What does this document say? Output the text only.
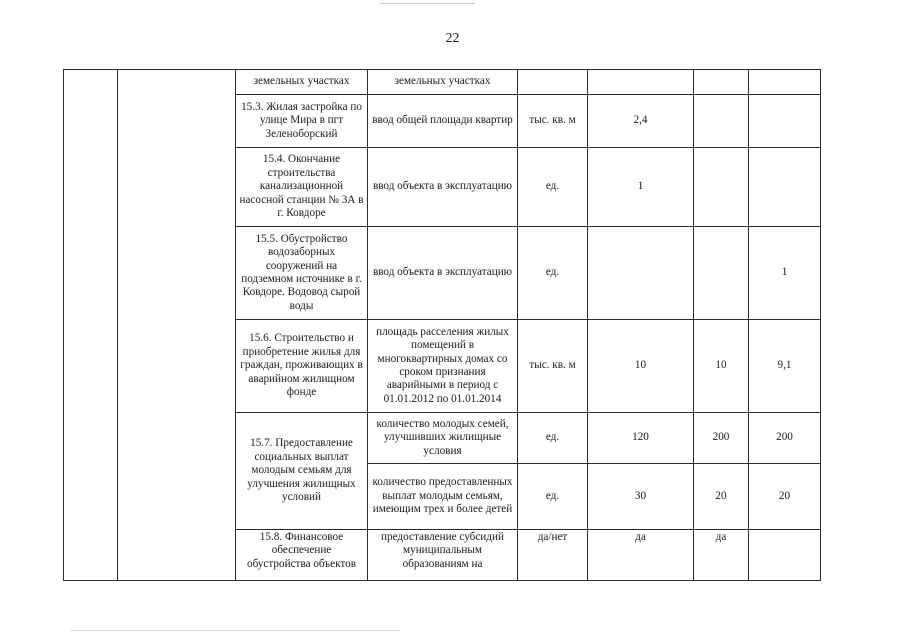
22
		земельных участках	земельных участках				
		15.3. Жилая застройка по улице Мира в пгт Зеленоборский	ввод общей площади квартир	тыс. кв. м	2,4		
		15.4. Окончание строительства канализационной насосной станции № 3А в г. Ковдоре	ввод объекта в эксплуатацию	ед.	1		
		15.5. Обустройство водозаборных сооружений на подземном источнике в г. Ковдоре. Водовод сырой воды	ввод объекта в эксплуатацию	ед.			1
		15.6. Строительство и приобретение жилья для граждан, проживающих в аварийном жилищном фонде	площадь расселения жилых помещений в многоквартирных домах со сроком признания аварийными в период с 01.01.2012 по 01.01.2014	тыс. кв. м	10	10	9,1
		15.7. Предоставление социальных выплат молодым семьям для улучшения жилищных условий	количество молодых семей, улучшивших жилищные условия	ед.	120	200	200
			количество предоставленных выплат молодым семьям, имеющим трех и более детей	ед.	30	20	20
		15.8. Финансовое обеспечение обустройства объектов	предоставление субсидий муниципальным образованиям на	да/нет	да	да	
